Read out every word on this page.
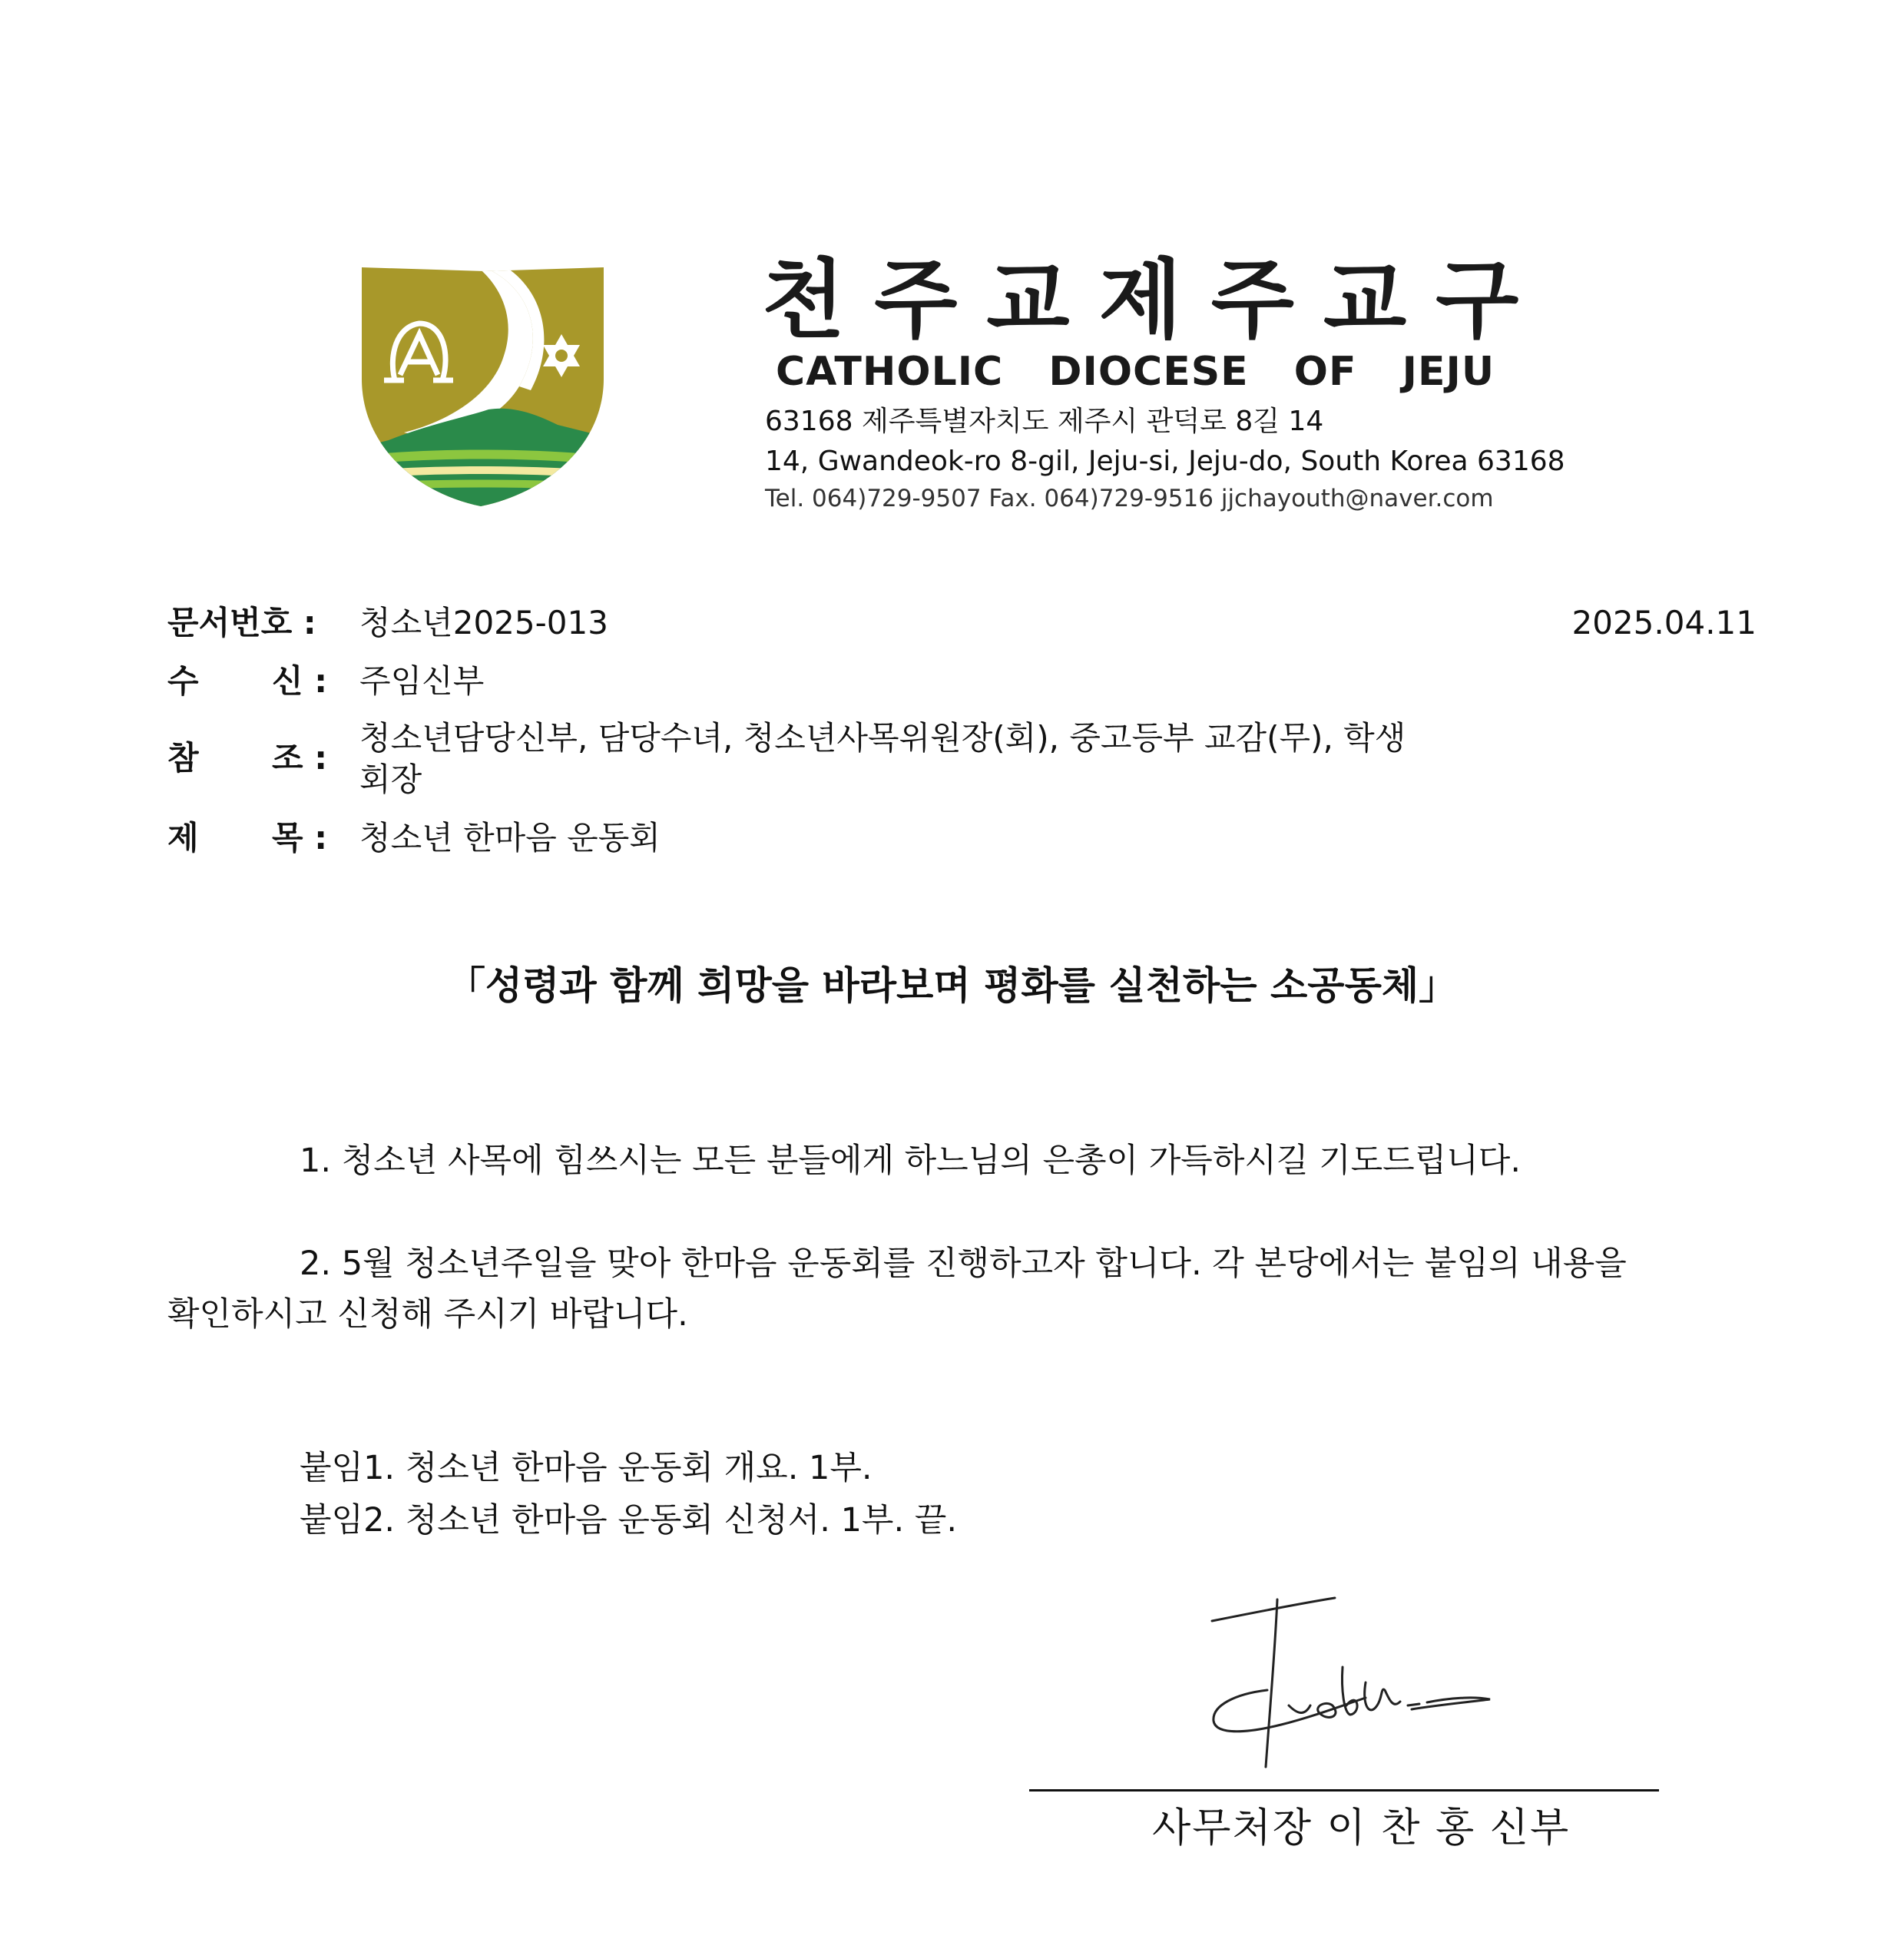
천주교제주교구
CATHOLIC DIOCESE OF JEJU
63168 제주특별자치도 제주시 관덕로 8길 14
14, Gwandeok-ro 8-gil, Jeju-si, Jeju-do, South Korea 63168
Tel. 064)729-9507 Fax. 064)729-9516 jjchayouth@naver.com
문서번호 : 청소년2025-013	2025.04.11
수 신 : 주임신부
참 조 :
청소년담당신부, 담당수녀, 청소년사목위원장(회), 중고등부 교감(무), 학생
회장
제 목 : 청소년 한마음 운동회
「성령과 함께 희망을 바라보며 평화를 실천하는 소공동체」
1. 청소년 사목에 힘쓰시는 모든 분들에게 하느님의 은총이 가득하시길 기도드립니다.
2. 5월 청소년주일을 맞아 한마음 운동회를 진행하고자 합니다. 각 본당에서는 붙임의 내용을
확인하시고 신청해 주시기 바랍니다.
붙임1. 청소년 한마음 운동회 개요. 1부.
붙임2. 청소년 한마음 운동회 신청서. 1부. 끝.
사무처장 이 찬 홍 신부
